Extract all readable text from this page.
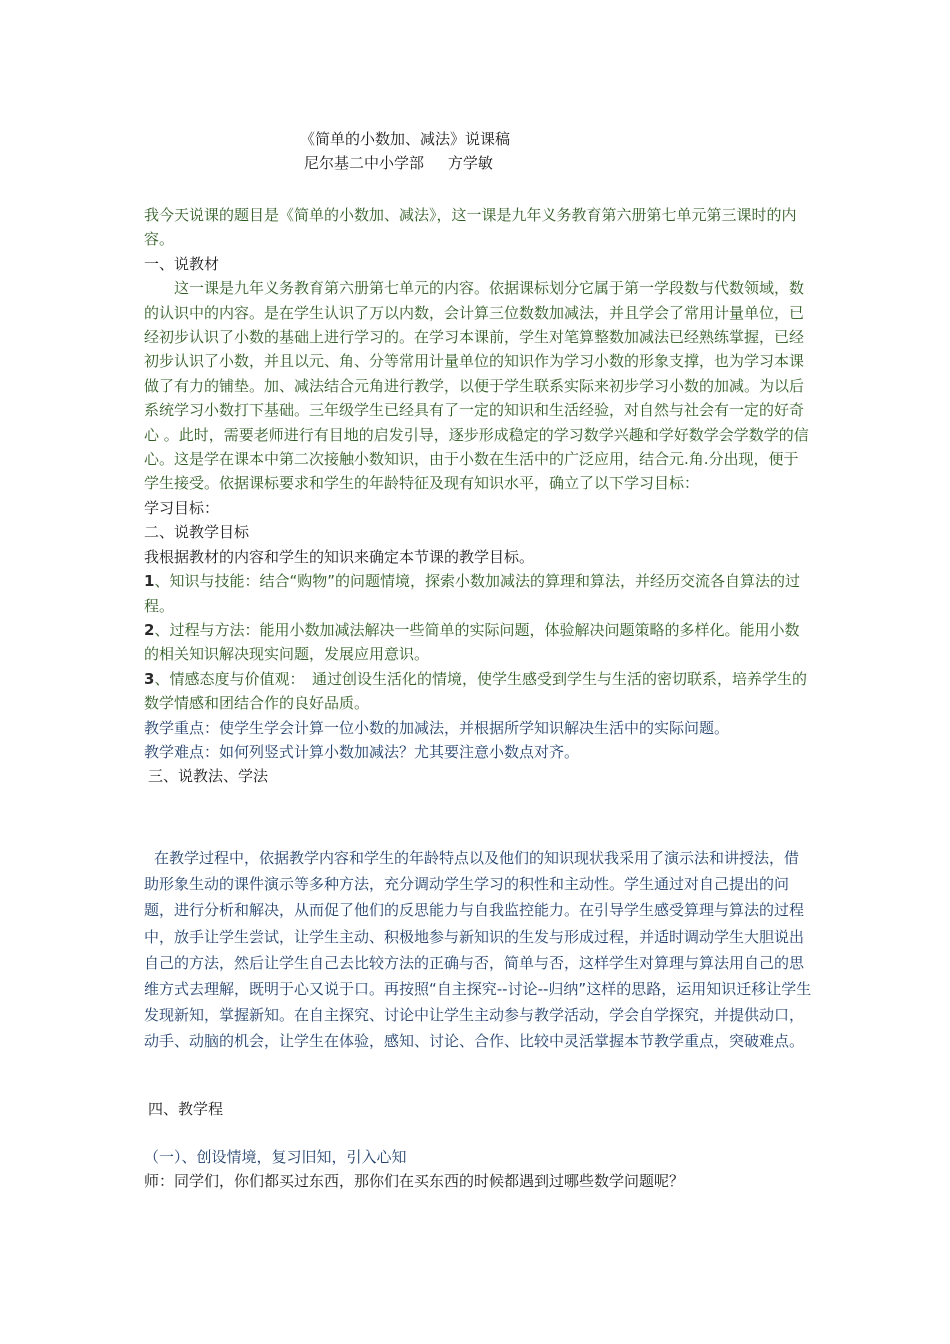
《简单的小数加、减法》说课稿
尼尔基二中小学部     方学敏

我今天说课的题目是《简单的小数加、减法》，这一课是九年义务教育第六册第七单元第三课时的内容。

一、说教材

这一课是九年义务教育第六册第七单元的内容。依据课标划分它属于第一学段数与代数领域，数的认识中的内容。是在学生认识了万以内数，会计算三位数数加减法，并且学会了常用计量单位，已经初步认识了小数的基础上进行学习的。在学习本课前，学生对笔算整数加减法已经熟练掌握，已经初步认识了小数，并且以元、角、分等常用计量单位的知识作为学习小数的形象支撑，也为学习本课做了有力的铺垫。加、减法结合元角进行教学，以便于学生联系实际来初步学习小数的加减。为以后系统学习小数打下基础。三年级学生已经具有了一定的知识和生活经验，对自然与社会有一定的好奇心 。此时，需要老师进行有目地的启发引导，逐步形成稳定的学习数学兴趣和学好数学会学数学的信心。这是学在课本中第二次接触小数知识，由于小数在生活中的广泛应用，结合元.角.分出现，便于学生接受。依据课标要求和学生的年龄特征及现有知识水平，确立了以下学习目标：

学习目标：

二、说教学目标

我根据教材的内容和学生的知识来确定本节课的教学目标。

1、知识与技能：结合“购物”的问题情境，探索小数加减法的算理和算法，并经历交流各自算法的过程。

2、过程与方法：能用小数加减法解决一些简单的实际问题，体验解决问题策略的多样化。能用小数的相关知识解决现实问题，发展应用意识。

3、情感态度与价值观：　通过创设生活化的情境，使学生感受到学生与生活的密切联系，培养学生的数学情感和团结合作的良好品质。

教学重点：使学生学会计算一位小数的加减法，并根据所学知识解决生活中的实际问题。

教学难点：如何列竖式计算小数加减法？尤其要注意小数点对齐。

三、说教法、学法

在教学过程中，依据教学内容和学生的年龄特点以及他们的知识现状我采用了演示法和讲授法，借助形象生动的课件演示等多种方法，充分调动学生学习的积性和主动性。学生通过对自己提出的问题，进行分析和解决，从而促了他们的反思能力与自我监控能力。在引导学生感受算理与算法的过程中，放手让学生尝试，让学生主动、积极地参与新知识的生发与形成过程，并适时调动学生大胆说出自己的方法，然后让学生自己去比较方法的正确与否，简单与否，这样学生对算理与算法用自己的思维方式去理解，既明于心又说于口。再按照“自主探究--讨论--归纳”这样的思路，运用知识迁移让学生发现新知，掌握新知。在自主探究、讨论中让学生主动参与教学活动，学会自学探究，并提供动口，动手、动脑的机会，让学生在体验，感知、讨论、合作、比较中灵活掌握本节教学重点，突破难点。

四、教学程

（一）、创设情境，复习旧知，引入心知

师：同学们，你们都买过东西，那你们在买东西的时候都遇到过哪些数学问题呢？
